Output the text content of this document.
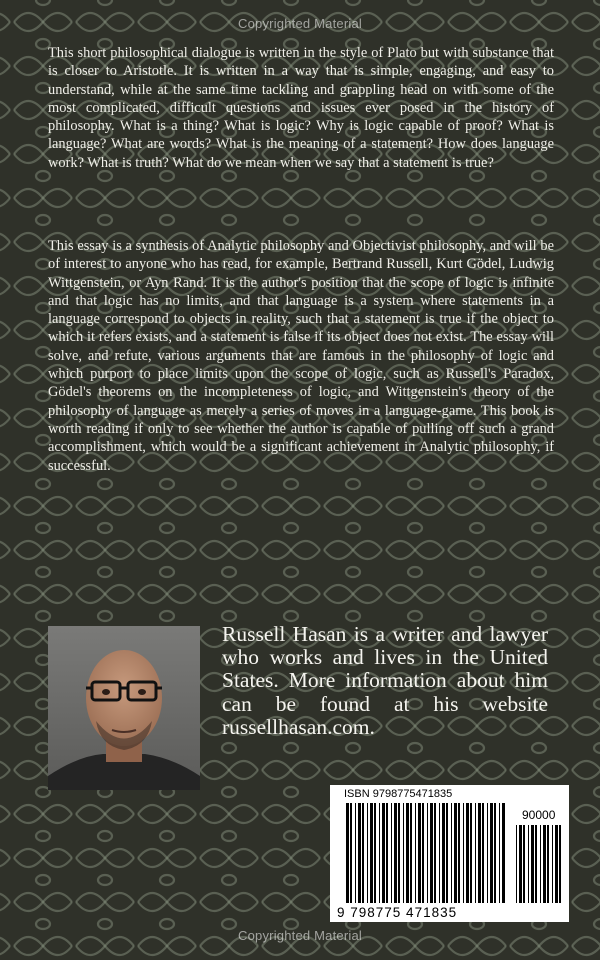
Copyrighted Material

This short philosophical dialogue is written in the style of Plato but with substance that is closer to Aristotle. It is written in a way that is simple, engaging, and easy to understand, while at the same time tackling and grappling head on with some of the most complicated, difficult questions and issues ever posed in the history of philosophy. What is a thing? What is logic? Why is logic capable of proof? What is language? What are words? What is the meaning of a statement? How does language work? What is truth? What do we mean when we say that a statement is true?

This essay is a synthesis of Analytic philosophy and Objectivist philosophy, and will be of interest to anyone who has read, for example, Bertrand Russell, Kurt Gödel, Ludwig Wittgenstein, or Ayn Rand. It is the author's position that the scope of logic is infinite and that logic has no limits, and that language is a system where statements in a language correspond to objects in reality, such that a statement is true if the object to which it refers exists, and a statement is false if its object does not exist. The essay will solve, and refute, various arguments that are famous in the philosophy of logic and which purport to place limits upon the scope of logic, such as Russell's Paradox, Gödel's theorems on the incompleteness of logic, and Wittgenstein's theory of the philosophy of language as merely a series of moves in a language-game. This book is worth reading if only to see whether the author is capable of pulling off such a grand accomplishment, which would be a significant achievement in Analytic philosophy, if successful.

Russell Hasan is a writer and lawyer who works and lives in the United States. More information about him can be found at his website russellhasan.com.

ISBN 9798775471835
90000
9 798775 471835
Copyrighted Material
